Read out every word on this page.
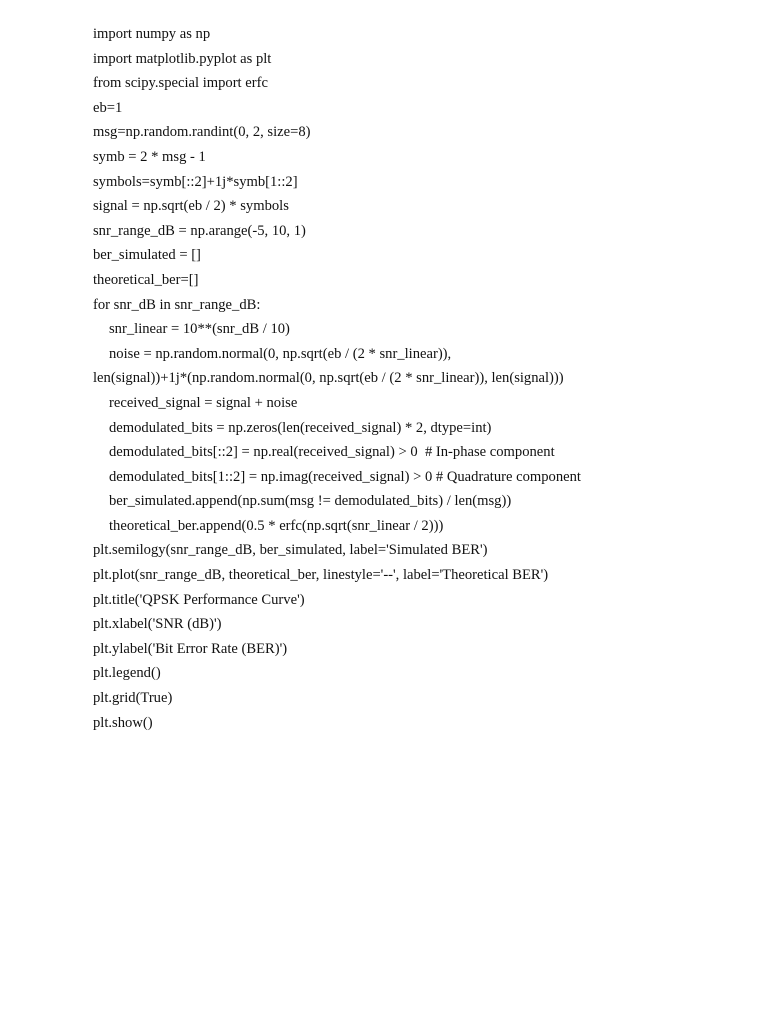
import numpy as np
import matplotlib.pyplot as plt
from scipy.special import erfc
eb=1
msg=np.random.randint(0, 2, size=8)
symb = 2 * msg - 1
symbols=symb[::2]+1j*symb[1::2]
signal = np.sqrt(eb / 2) * symbols
snr_range_dB = np.arange(-5, 10, 1)
ber_simulated = []
theoretical_ber=[]
for snr_dB in snr_range_dB:
snr_linear = 10**(snr_dB / 10)
noise = np.random.normal(0, np.sqrt(eb / (2 * snr_linear)),
len(signal))+1j*(np.random.normal(0, np.sqrt(eb / (2 * snr_linear)), len(signal)))
received_signal = signal + noise
demodulated_bits = np.zeros(len(received_signal) * 2, dtype=int)
demodulated_bits[::2] = np.real(received_signal) > 0  # In-phase component
demodulated_bits[1::2] = np.imag(received_signal) > 0 # Quadrature component
ber_simulated.append(np.sum(msg != demodulated_bits) / len(msg))
theoretical_ber.append(0.5 * erfc(np.sqrt(snr_linear / 2)))
plt.semilogy(snr_range_dB, ber_simulated, label='Simulated BER')
plt.plot(snr_range_dB, theoretical_ber, linestyle='--', label='Theoretical BER')
plt.title('QPSK Performance Curve')
plt.xlabel('SNR (dB)')
plt.ylabel('Bit Error Rate (BER)')
plt.legend()
plt.grid(True)
plt.show()
